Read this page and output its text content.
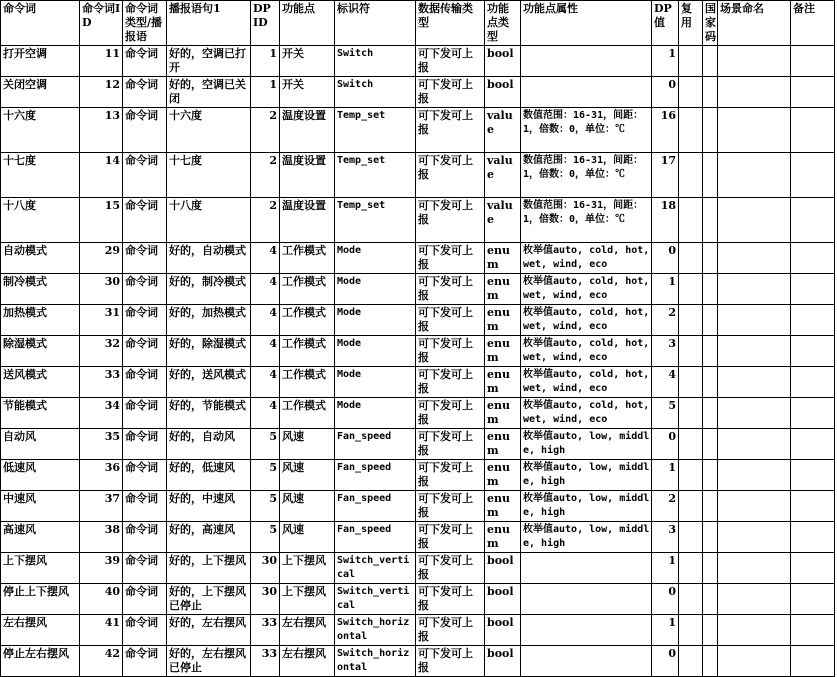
命令词	命令词ID	命令词类型/播报语	播报语句1	DP ID	功能点	标识符	数据传输类型	功能点类型	功能点属性	DP值	复用	国家码	场景命名	备注
打开空调	11	命令词	好的，空调已打开	1	开关	Switch	可下发可上报	bool		1				
关闭空调	12	命令词	好的，空调已关闭	1	开关	Switch	可下发可上报	bool		0				
十六度	13	命令词	十六度	2	温度设置	Temp_set	可下发可上报	value	数值范围：16-31，间距：1，倍数：0，单位：℃	16				
十七度	14	命令词	十七度	2	温度设置	Temp_set	可下发可上报	value	数值范围：16-31，间距：1，倍数：0，单位：℃	17				
十八度	15	命令词	十八度	2	温度设置	Temp_set	可下发可上报	value	数值范围：16-31，间距：1，倍数：0，单位：℃	18				
自动模式	29	命令词	好的，自动模式	4	工作模式	Mode	可下发可上报	enum	枚举值auto, cold, hot, wet, wind, eco	0				
制冷模式	30	命令词	好的，制冷模式	4	工作模式	Mode	可下发可上报	enum	枚举值auto, cold, hot, wet, wind, eco	1				
加热模式	31	命令词	好的，加热模式	4	工作模式	Mode	可下发可上报	enum	枚举值auto, cold, hot, wet, wind, eco	2				
除湿模式	32	命令词	好的，除湿模式	4	工作模式	Mode	可下发可上报	enum	枚举值auto, cold, hot, wet, wind, eco	3				
送风模式	33	命令词	好的，送风模式	4	工作模式	Mode	可下发可上报	enum	枚举值auto, cold, hot, wet, wind, eco	4				
节能模式	34	命令词	好的，节能模式	4	工作模式	Mode	可下发可上报	enum	枚举值auto, cold, hot, wet, wind, eco	5				
自动风	35	命令词	好的，自动风	5	风速	Fan_speed	可下发可上报	enum	枚举值auto, low, middle, high	0				
低速风	36	命令词	好的，低速风	5	风速	Fan_speed	可下发可上报	enum	枚举值auto, low, middle, high	1				
中速风	37	命令词	好的，中速风	5	风速	Fan_speed	可下发可上报	enum	枚举值auto, low, middle, high	2				
高速风	38	命令词	好的，高速风	5	风速	Fan_speed	可下发可上报	enum	枚举值auto, low, middle, high	3				
上下摆风	39	命令词	好的，上下摆风	30	上下摆风	Switch_vertical	可下发可上报	bool		1				
停止上下摆风	40	命令词	好的，上下摆风已停止	30	上下摆风	Switch_vertical	可下发可上报	bool		0				
左右摆风	41	命令词	好的，左右摆风	33	左右摆风	Switch_horizontal	可下发可上报	bool		1				
停止左右摆风	42	命令词	好的，左右摆风已停止	33	左右摆风	Switch_horizontal	可下发可上报	bool		0				
